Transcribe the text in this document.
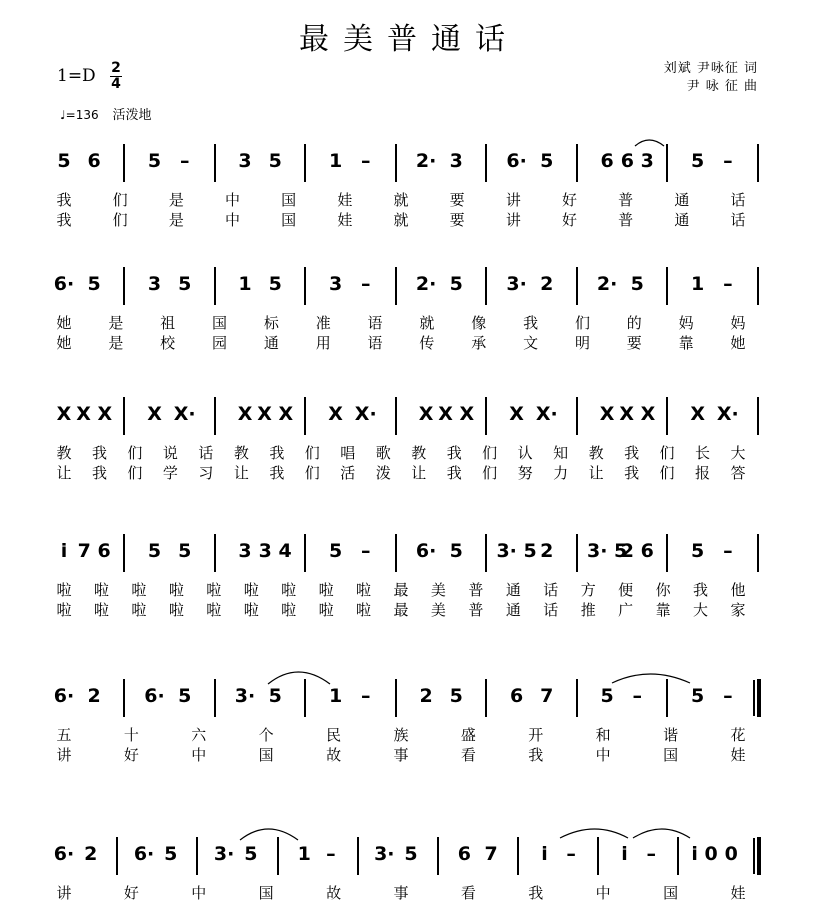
最美普通话
1=D 2
4
♩=136 活泼地
刘斌 尹咏征 词
尹 咏 征 曲
5 6 5 –	3 5 1 – 2· 3 6· 5 6 6 3 5 –
我	们	是	中	国	娃	就	要	讲	好	普	通	话
我	们	是	中	国	娃	就	要	讲	好	普	通	话
6· 5 3 5 1 5 3 – 2· 5 3· 2 2· 5 1 –
她 是 祖 国 标 准 语 就 像 我 们 的 妈 妈
她 是 校 园 通 用 语 传 承 文 明 要 靠 她
X X X X X· X X X X X· X X X X X· X X X X X·
教 我 们 说 话 教 我 们 唱 歌 教 我 们 认 知 教 我 们 长 大
让 我 们 学 习 让 我 们 活 泼 让 我 们 努 力 让 我 们 报 答
i 7 6 5 5 3 3 4 5 – 6· 5 3· 5 2 3· 5
2 6 5 –
啦 啦 啦 啦 啦 啦 啦 啦 啦 最 美 普 通 话 方 便 你 我 他
啦 啦 啦 啦 啦 啦 啦 啦 啦 最 美 普 通 话 推 广 靠 大 家
6· 2 6· 5 3· 5 1 –	2 5 6 7 5 –	5 –
五	十	六	个	民	族	盛	开	和	谐	花
讲	好	中	国	故	事	看	我	中	国	娃
6· 2 6· 5 3· 5 1 – 3· 5 6 7 i – i – i 0 0
讲	好	中	国	故	事	看	我	中	国	娃
